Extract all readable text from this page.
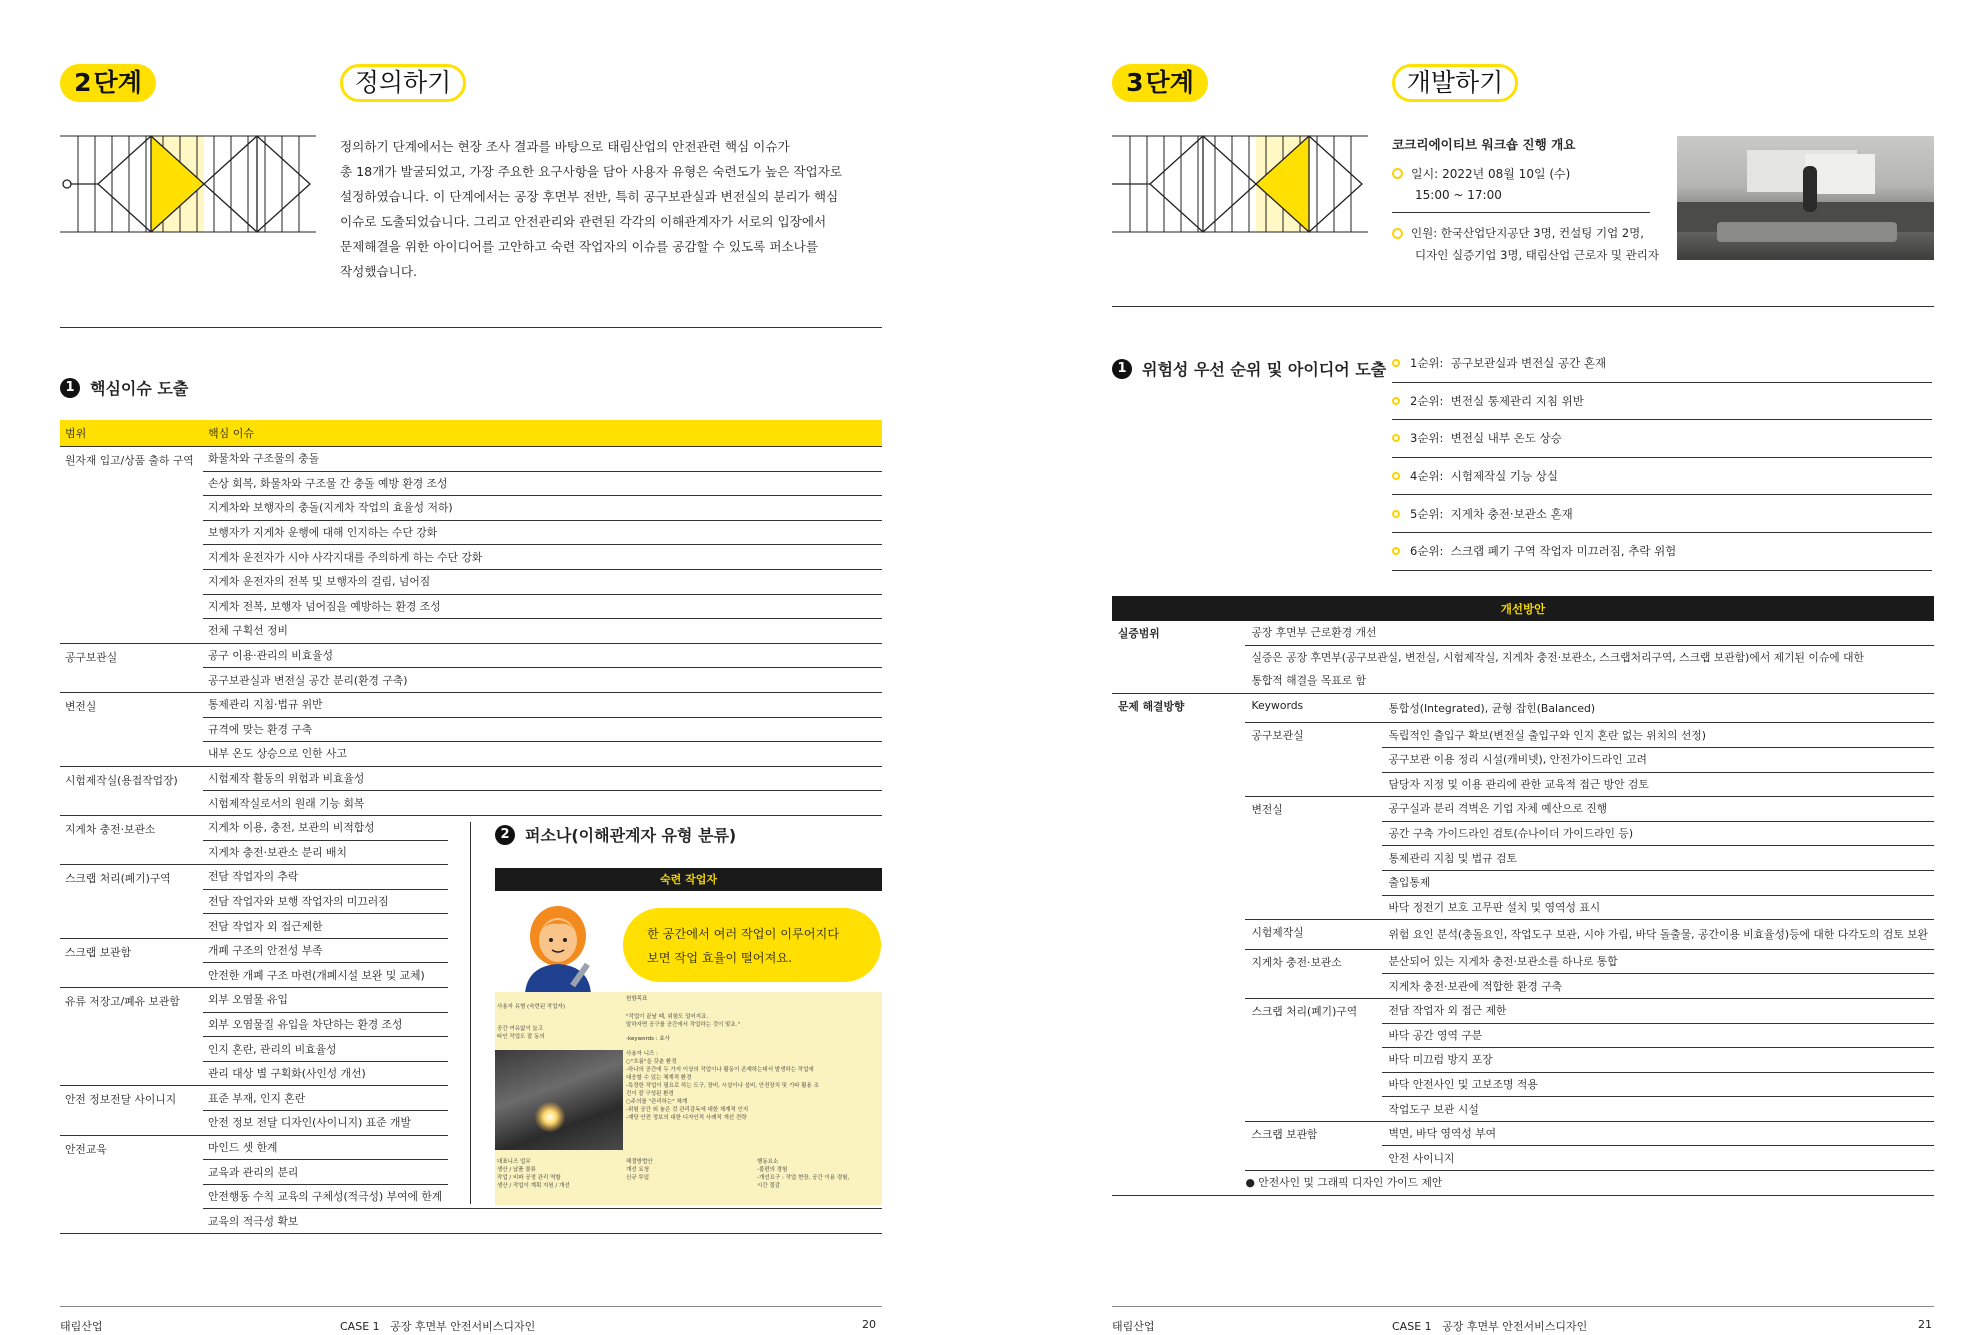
2단계	정의하기
정의하기 단계에서는 현장 조사 결과를 바탕으로 태림산업의 안전관련 핵심 이슈가
총 18개가 발굴되었고, 가장 주요한 요구사항을 담아 사용자 유형은 숙련도가 높은 작업자로
설정하였습니다. 이 단계에서는 공장 후면부 전반, 특히 공구보관실과 변전실의 분리가 핵심
이슈로 도출되었습니다. 그리고 안전관리와 관련된 각각의 이해관계자가 서로의 입장에서
문제해결을 위한 아이디어를 고안하고 숙련 작업자의 이슈를 공감할 수 있도록 퍼소나를
작성했습니다.
1 핵심이슈 도출
범위	핵심 이슈
원자재 입고/상품 출하 구역	화물차와 구조물의 충돌
	손상 회복, 화물차와 구조물 간 충돌 예방 환경 조성
	지게차와 보행자의 충돌(지게차 작업의 효율성 저하)
	보행자가 지게차 운행에 대해 인지하는 수단 강화
	지게차 운전자가 시야 사각지대를 주의하게 하는 수단 강화
	지게차 운전자의 전복 및 보행자의 걸림, 넘어짐
	지게차 전복, 보행자 넘어짐을 예방하는 환경 조성
	전체 구획선 정비
공구보관실	공구 이용·관리의 비효율성
	공구보관실과 변전실 공간 분리(환경 구축)
변전실	통제관리 지침·법규 위반
	규격에 맞는 환경 구축
	내부 온도 상승으로 인한 사고
시험제작실(용접작업장)	시험제작 활동의 위험과 비효율성
	시험제작실로서의 원래 기능 회복
지게차 충전·보관소	지게차 이용, 충전, 보관의 비적합성
	지게차 충전·보관소 분리 배치
스크랩 처리(폐기)구역	전담 작업자의 추락
	전담 작업자와 보행 작업자의 미끄러짐
	전담 작업자 외 접근제한
스크랩 보관함	개폐 구조의 안전성 부족
	안전한 개폐 구조 마련(개폐시설 보완 및 교체)
유류 저장고/폐유 보관함	외부 오염물 유입
	외부 오염물질 유입을 차단하는 환경 조성
	인지 혼란, 관리의 비효율성
	관리 대상 별 구획화(사인성 개선)
안전 정보전달 사이니지	표준 부재, 인지 혼란
	안전 정보 전달 디자인(사이니지) 표준 개발
안전교육	마인드 셋 한계
	교육과 관리의 분리
	안전행동 수칙 교육의 구체성(적극성) 부여에 한계
	교육의 적극성 확보
2 퍼소나(이해관계자 유형 분류)
숙련 작업자
한 공간에서 여러 작업이 이루어지다
보면 작업 효율이 떨어져요.

사용자 유형 (숙련된 작업자)

공간 여유없이 늘고
타인 작업도 잘 동의

원함목표
"작업이 끝날 때, 위험도 덜어지죠.
말하자면 공구를 공간에서 작업하는 것이 맞죠."
-keywords : 효사
사용자 니즈 :
○"흐름"을 갖춘 환경
-하나의 공간에 두 가지 이상의 작업이나 활동이 존재하는데서 발생하는 작업에
대응할 수 있는 체계적 환경
-특정한 작업이 필요로 하는 도구, 장비, 시설이나 설비, 안전장치 및 기타 활용 조
건이 잘 구성된 환경
○주의를 "관리하는" 체계
-위험 공간 외 놓은 것 관리감독에 대한 체계적 인지
-재당 안전 정보의 대한 디자인적 사례적 개선 전략
대표니즈 업무
생산 / 납품 물류
작업 / 비파 공정 관리 역할
생산 / 작업이 계획 지원 / 개선
해결방법안
개선 요청
신규 투입
행동요소
-불편의 경험
-개선요구 : 작업 현장, 공간 이용 경험,
시간 절감
태림산업	CASE 1 공장 후면부 안전서비스디자인	20
3단계	개발하기
코크리에이티브 워크숍 진행 개요
일시:
2022년 08월 10일 (수)
15:00 ~ 17:00
인원:
한국산업단지공단 3명, 컨설팅 기업 2명,
디자인 실증기업 3명, 태림산업 근로자 및 관리자
1 위험성 우선 순위 및 아이디어 도출 1순위:
공구보관실과 변전실 공간 혼재
2순위:
변전실 통제관리 지침 위반
3순위:
변전실 내부 온도 상승
4순위:
시험제작실 기능 상실
5순위:
지게차 충전·보관소 혼재
6순위:
스크랩 폐기 구역 작업자 미끄러짐, 추락 위험
개선방안		
실증범위	공장 후면부 근로환경 개선	
	실증은 공장 후면부(공구보관실, 변전실, 시험제작실, 지게차 충전·보관소, 스크랩처리구역, 스크랩 보관함)에서 제기된 이슈에 대한	
	통합적 해결을 목표로 함	
문제 해결방향	Keywords	통합성(Integrated), 균형 잡힌(Balanced)
	공구보관실	독립적인 출입구 확보(변전실 출입구와 인지 혼란 없는 위치의 선정)
		공구보관 이용 정리 시설(캐비넷), 안전가이드라인 고려
		담당자 지정 및 이용 관리에 관한 교육적 접근 방안 검토
	변전실	공구실과 분리 격벽은 기업 자체 예산으로 진행
		공간 구축 가이드라인 검토(슈나이더 가이드라인 등)
		통제관리 지침 및 법규 검토
		출입통제
		바닥 정전기 보호 고무판 설치 및 영역성 표시
	시험제작실	위험 요인 분석(충돌요인, 작업도구 보관, 시야 가림, 바닥 돌출물, 공간이용 비효율성)등에 대한 다각도의 검토 보완
	지게차 충전·보관소	분산되어 있는 지게차 충전·보관소를 하나로 통합
		지게차 충전·보관에 적합한 환경 구축
	스크랩 처리(폐기)구역	전담 작업자 외 접근 제한
		바닥 공간 영역 구분
		바닥 미끄럼 방지 포장
		바닥 안전사인 및 고보조명 적용
		작업도구 보관 시설
	스크랩 보관함	벽면, 바닥 영역성 부여
		안전 사이니지
	● 안전사인 및 그래픽 디자인 가이드 제안	
태림산업	CASE 1 공장 후면부 안전서비스디자인	21
